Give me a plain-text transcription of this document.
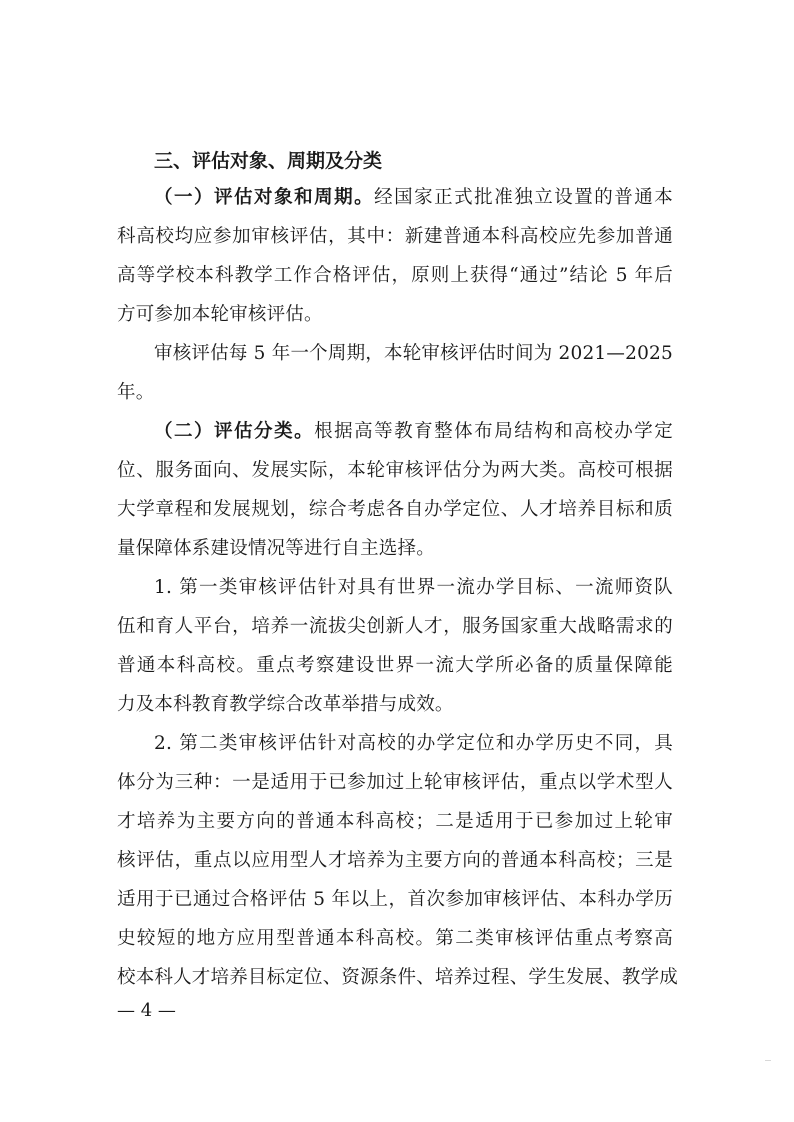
三、评估对象、周期及分类
（一）评估对象和周期。经国家正式批准独立设置的普通本
科高校均应参加审核评估，其中：新建普通本科高校应先参加普通
高等学校本科教学工作合格评估，原则上获得“通过”结论 5 年后
方可参加本轮审核评估。
审核评估每 5 年一个周期，本轮审核评估时间为 2021—2025
年。
（二）评估分类。根据高等教育整体布局结构和高校办学定
位、服务面向、发展实际，本轮审核评估分为两大类。高校可根据
大学章程和发展规划，综合考虑各自办学定位、人才培养目标和质
量保障体系建设情况等进行自主选择。
1. 第一类审核评估针对具有世界一流办学目标、一流师资队
伍和育人平台，培养一流拔尖创新人才，服务国家重大战略需求的
普通本科高校。重点考察建设世界一流大学所必备的质量保障能
力及本科教育教学综合改革举措与成效。
2. 第二类审核评估针对高校的办学定位和办学历史不同，具
体分为三种：一是适用于已参加过上轮审核评估，重点以学术型人
才培养为主要方向的普通本科高校；二是适用于已参加过上轮审
核评估，重点以应用型人才培养为主要方向的普通本科高校；三是
适用于已通过合格评估 5 年以上，首次参加审核评估、本科办学历
史较短的地方应用型普通本科高校。第二类审核评估重点考察高
校本科人才培养目标定位、资源条件、培养过程、学生发展、教学成
— 4 —
